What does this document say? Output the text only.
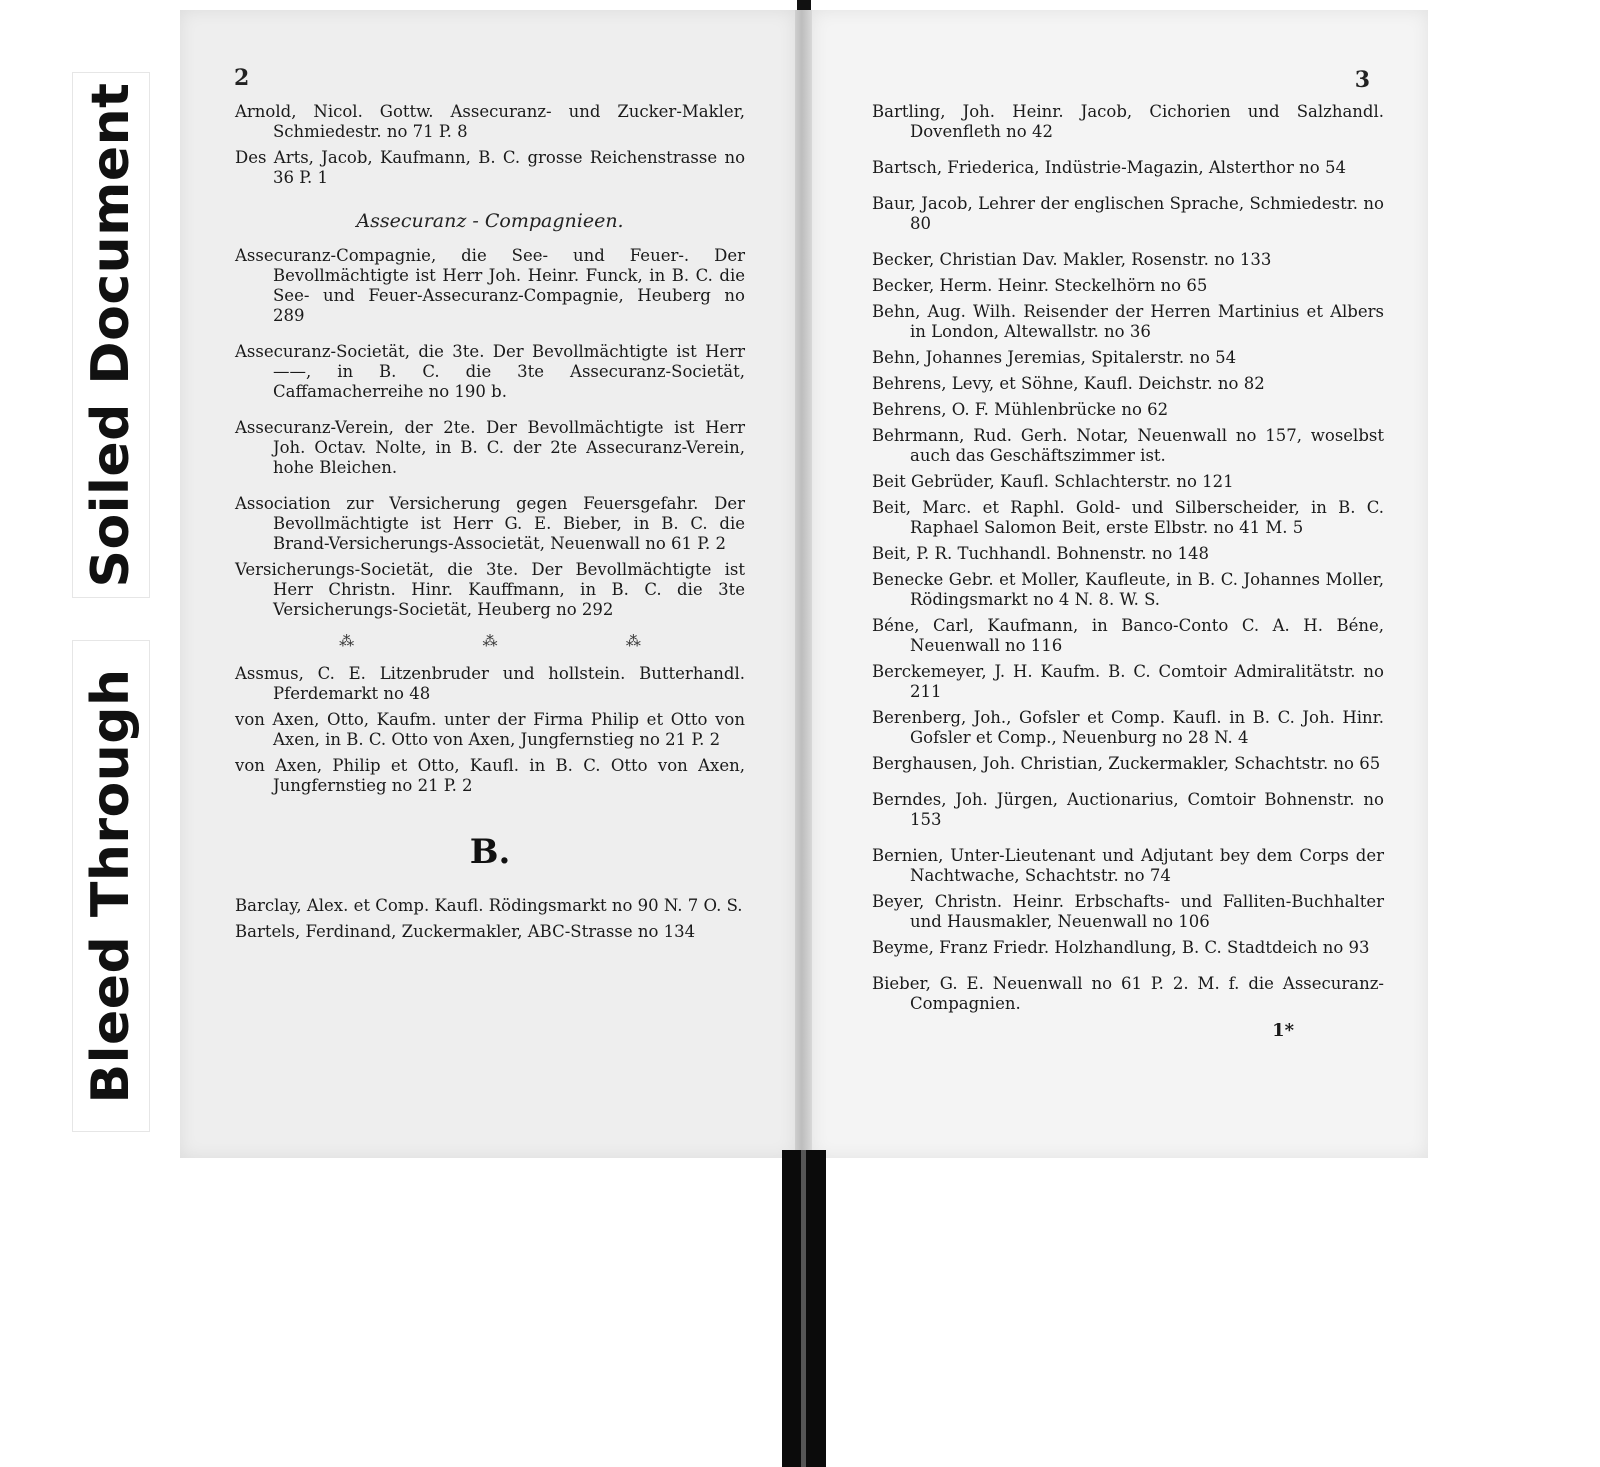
Soiled Document
Bleed Through
2
Arnold, Nicol. Gottw. Assecuranz- und Zucker-Makler, Schmiedestr. no 71 P. 8
Des Arts, Jacob, Kaufmann, B. C. grosse Reichenstrasse no 36 P. 1
Assecuranz - Compagnieen.
Assecuranz-Compagnie, die See- und Feuer-. Der Bevollmächtigte ist Herr Joh. Heinr. Funck, in B. C. die See- und Feuer-Assecuranz-Compagnie, Heuberg no 289
Assecuranz-Societät, die 3te. Der Bevollmächtigte ist Herr ——, in B. C. die 3te Assecuranz-Societät, Caffamacherreihe no 190 b.
Assecuranz-Verein, der 2te. Der Bevollmächtigte ist Herr Joh. Octav. Nolte, in B. C. der 2te Assecuranz-Verein, hohe Bleichen.
Association zur Versicherung gegen Feuersgefahr. Der Bevollmächtigte ist Herr G. E. Bieber, in B. C. die Brand-Versicherungs-Associetät, Neuenwall no 61 P. 2
Versicherungs-Societät, die 3te. Der Bevollmächtigte ist Herr Christn. Hinr. Kauffmann, in B. C. die 3te Versicherungs-Societät, Heuberg no 292
⁂	⁂	⁂
Assmus, C. E. Litzenbruder und hollstein. Butterhandl. Pferdemarkt no 48
von Axen, Otto, Kaufm. unter der Firma Philip et Otto von Axen, in B. C. Otto von Axen, Jungfernstieg no 21 P. 2
von Axen, Philip et Otto, Kaufl. in B. C. Otto von Axen, Jungfernstieg no 21 P. 2
B.
Barclay, Alex. et Comp. Kaufl. Rödingsmarkt no 90 N. 7 O. S.
Bartels, Ferdinand, Zuckermakler, ABC-Strasse no 134
3
Bartling, Joh. Heinr. Jacob, Cichorien und Salzhandl. Dovenfleth no 42
Bartsch, Friederica, Indüstrie-Magazin, Alsterthor no 54
Baur, Jacob, Lehrer der englischen Sprache, Schmiedestr. no 80
Becker, Christian Dav. Makler, Rosenstr. no 133
Becker, Herm. Heinr. Steckelhörn no 65
Behn, Aug. Wilh. Reisender der Herren Martinius et Albers in London, Altewallstr. no 36
Behn, Johannes Jeremias, Spitalerstr. no 54
Behrens, Levy, et Söhne, Kaufl. Deichstr. no 82
Behrens, O. F. Mühlenbrücke no 62
Behrmann, Rud. Gerh. Notar, Neuenwall no 157, woselbst auch das Geschäftszimmer ist.
Beit Gebrüder, Kaufl. Schlachterstr. no 121
Beit, Marc. et Raphl. Gold- und Silberscheider, in B. C. Raphael Salomon Beit, erste Elbstr. no 41 M. 5
Beit, P. R. Tuchhandl. Bohnenstr. no 148
Benecke Gebr. et Moller, Kaufleute, in B. C. Johannes Moller, Rödingsmarkt no 4 N. 8. W. S.
Béne, Carl, Kaufmann, in Banco-Conto C. A. H. Béne, Neuenwall no 116
Berckemeyer, J. H. Kaufm. B. C. Comtoir Admiralitätstr. no 211
Berenberg, Joh., Gofsler et Comp. Kaufl. in B. C. Joh. Hinr. Gofsler et Comp., Neuenburg no 28 N. 4
Berghausen, Joh. Christian, Zuckermakler, Schachtstr. no 65
Berndes, Joh. Jürgen, Auctionarius, Comtoir Bohnenstr. no 153
Bernien, Unter-Lieutenant und Adjutant bey dem Corps der Nachtwache, Schachtstr. no 74
Beyer, Christn. Heinr. Erbschafts- und Falliten-Buchhalter und Hausmakler, Neuenwall no 106
Beyme, Franz Friedr. Holzhandlung, B. C. Stadtdeich no 93
Bieber, G. E. Neuenwall no 61 P. 2. M. f. die Assecuranz-Compagnien.
1*
